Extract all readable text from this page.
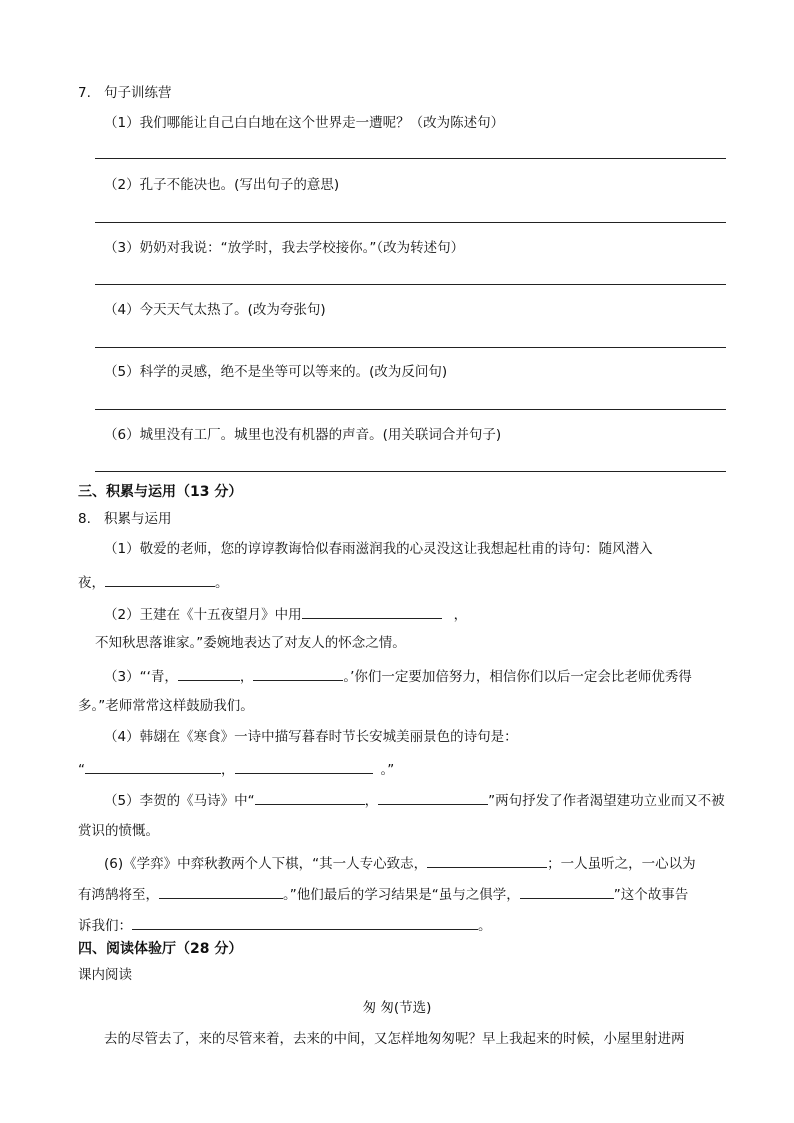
7. 句子训练营
（1）我们哪能让自己白白地在这个世界走一遭呢？（改为陈述句）
（2）孔子不能决也。(写出句子的意思)
（3）奶奶对我说：“放学时，我去学校接你。”（改为转述句）
（4）今天天气太热了。(改为夸张句)
（5）科学的灵感，绝不是坐等可以等来的。(改为反问句)
（6）城里没有工厂。城里也没有机器的声音。(用关联词合并句子)
三、积累与运用（13 分）
8. 积累与运用
（1）敬爱的老师，您的谆谆教诲恰似春雨滋润我的心灵没这让我想起杜甫的诗句：随风潜入
夜，	。
（2）王建在《十五夜望月》中用	，
不知秋思落谁家。”委婉地表达了对友人的怀念之情。
（3）“‘青，	，	。’你们一定要加倍努力，相信你们以后一定会比老师优秀得
多。”老师常常这样鼓励我们。
（4）韩翃在《寒食》一诗中描写暮春时节长安城美丽景色的诗句是：
“	，	。”
（5）李贺的《马诗》中“	，	”两句抒发了作者渴望建功立业而又不被
赏识的愤慨。
(6)《学弈》中弈秋教两个人下棋，“其一人专心致志，	；一人虽听之，一心以为
有鸿鹄将至，	。”他们最后的学习结果是“虽与之俱学，	”这个故事告
诉我们：	。
四、阅读体验厅（28 分）
课内阅读
匆 匆(节选)
去的尽管去了，来的尽管来着，去来的中间，又怎样地匆匆呢？早上我起来的时候，小屋里射进两
